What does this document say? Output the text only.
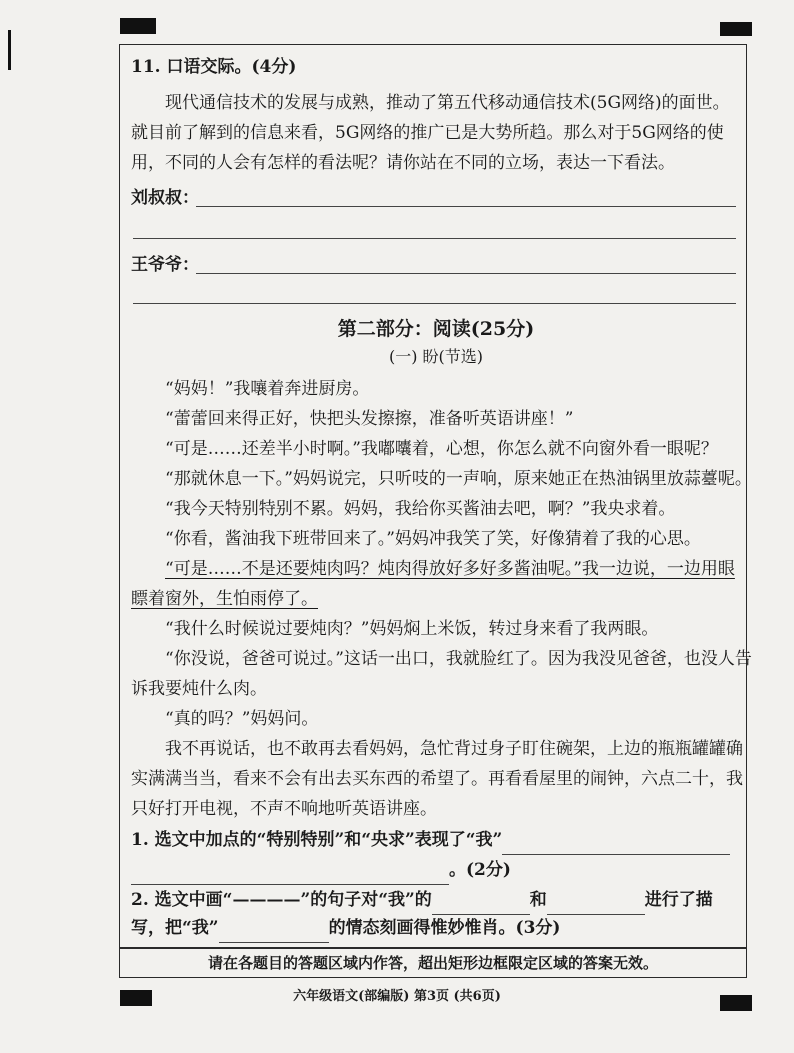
11. 口语交际。(4分)
现代通信技术的发展与成熟，推动了第五代移动通信技术(5G网络)的面世。
就目前了解到的信息来看，5G网络的推广已是大势所趋。那么对于5G网络的使
用，不同的人会有怎样的看法呢？请你站在不同的立场，表达一下看法。
刘叔叔：
王爷爷：
第二部分：阅读(25分)
(一) 盼(节选)
“妈妈！”我嚷着奔进厨房。
“蕾蕾回来得正好，快把头发擦擦，准备听英语讲座！”
“可是……还差半小时啊。”我嘟囔着，心想，你怎么就不向窗外看一眼呢？
“那就休息一下。”妈妈说完，只听吱的一声响，原来她正在热油锅里放蒜薹呢。
“我今天特别特别不累。妈妈，我给你买酱油去吧，啊？”我央求着。
“你看，酱油我下班带回来了。”妈妈冲我笑了笑，好像猜着了我的心思。
“可是……不是还要炖肉吗？炖肉得放好多好多酱油呢。”我一边说，一边用眼
瞟着窗外，生怕雨停了。
“我什么时候说过要炖肉？”妈妈焖上米饭，转过身来看了我两眼。
“你没说，爸爸可说过。”这话一出口，我就脸红了。因为我没见爸爸，也没人告
诉我要炖什么肉。
“真的吗？”妈妈问。
我不再说话，也不敢再去看妈妈，急忙背过身子盯住碗架，上边的瓶瓶罐罐确
实满满当当，看来不会有出去买东西的希望了。再看看屋里的闹钟，六点二十，我
只好打开电视，不声不响地听英语讲座。
1. 选文中加点的“特别特别”和“央求”表现了“我”
。(2分)
2. 选文中画“————”的句子对“我”的	和	进行了描
写，把“我”	的情态刻画得惟妙惟肖。(3分)
请在各题目的答题区域内作答，超出矩形边框限定区域的答案无效。
六年级语文(部编版) 第3页 (共6页)
